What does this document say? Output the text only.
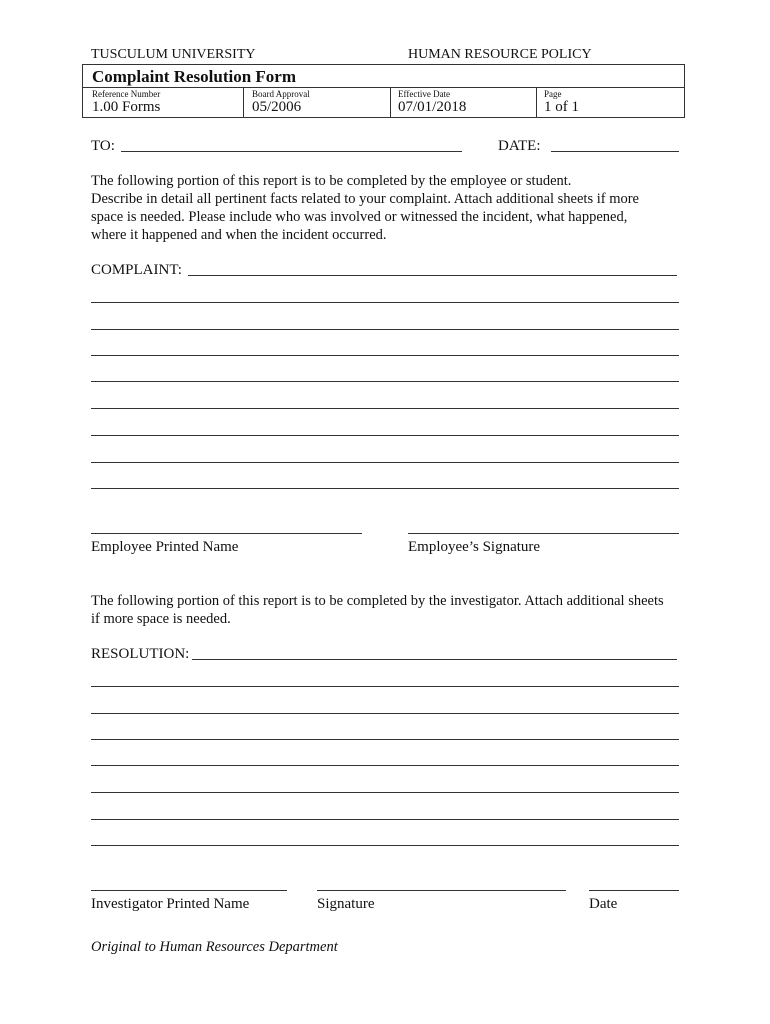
TUSCULUM UNIVERSITY	HUMAN RESOURCE POLICY
Complaint Resolution Form
Reference Number
1.00 Forms
Board Approval
05/2006
Effective Date
07/01/2018
Page
1 of 1
TO:	DATE:
The following portion of this report is to be completed by the employee or student.
Describe in detail all pertinent facts related to your complaint. Attach additional sheets if more
space is needed. Please include who was involved or witnessed the incident, what happened,
where it happened and when the incident occurred.
COMPLAINT:
Employee Printed Name	Employee’s Signature
The following portion of this report is to be completed by the investigator. Attach additional sheets
if more space is needed.
RESOLUTION:
Investigator Printed Name	Signature	Date
Original to Human Resources Department
